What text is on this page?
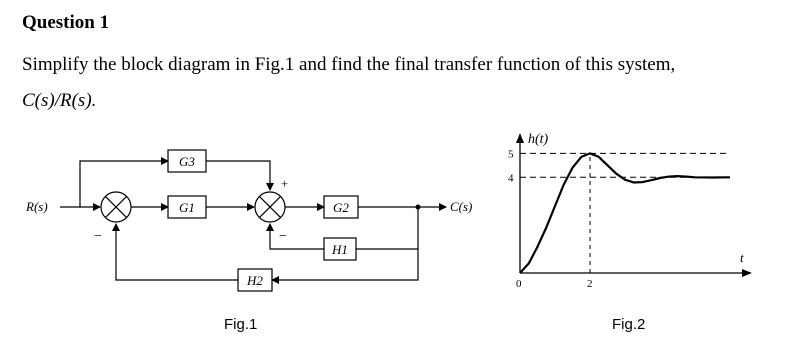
Question 1
Simplify the block diagram in Fig.1 and find the final transfer function of this system,
C(s)/R(s).
G3
G1	G2
H1
H2
R(s)	C(s)
−
+
−
Fig.1
5
4
0	2
h(t)
t
Fig.2
